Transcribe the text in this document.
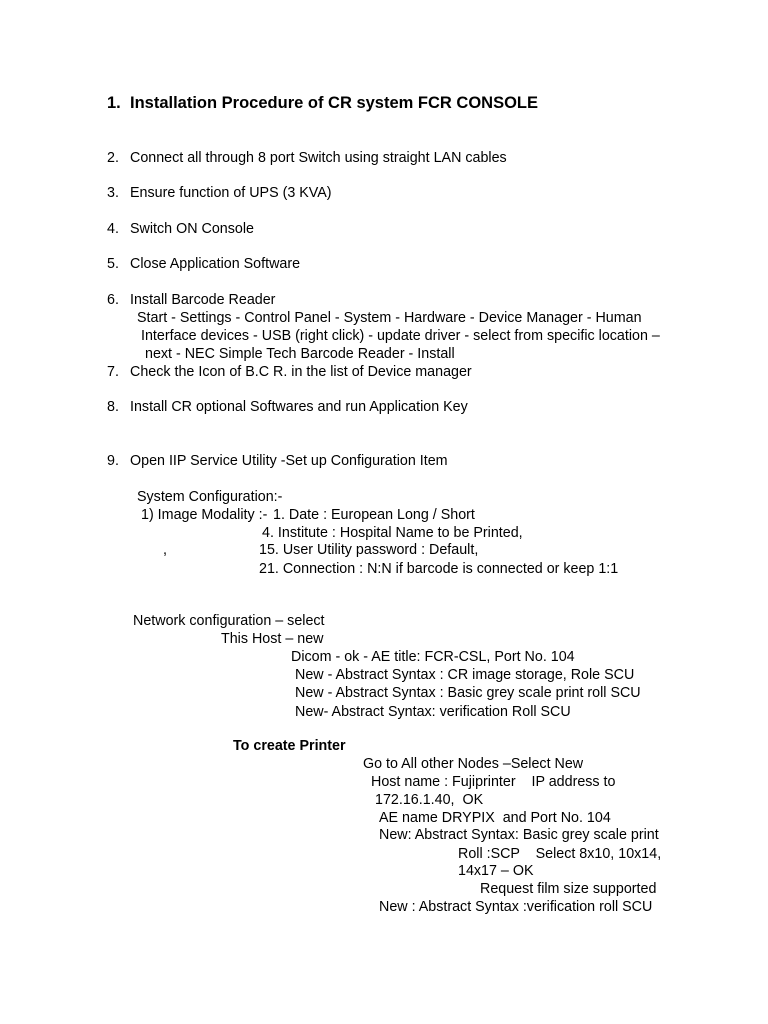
1. Installation Procedure of CR system FCR CONSOLE
2. Connect all through 8 port Switch using straight LAN cables
3. Ensure function of UPS (3 KVA)
4. Switch ON Console
5. Close Application Software
6. Install Barcode Reader
Start - Settings - Control Panel - System - Hardware - Device Manager - Human
Interface devices - USB (right click) - update driver - select from specific location –
next - NEC Simple Tech Barcode Reader - Install
7. Check the Icon of B.C R. in the list of Device manager
8. Install CR optional Softwares and run Application Key
9. Open IIP Service Utility -Set up Configuration Item
System Configuration:-
1) Image Modality :- 1. Date : European Long / Short
4. Institute : Hospital Name to be Printed,
,	15. User Utility password : Default,
21. Connection : N:N if barcode is connected or keep 1:1
Network configuration – select
This Host – new
Dicom - ok - AE title: FCR-CSL, Port No. 104
New - Abstract Syntax : CR image storage, Role SCU
New - Abstract Syntax : Basic grey scale print roll SCU
New- Abstract Syntax: verification Roll SCU
To create Printer
Go to All other Nodes –Select New
Host name : Fujiprinter    IP address to
172.16.1.40,  OK
AE name DRYPIX  and Port No. 104
New: Abstract Syntax: Basic grey scale print
Roll :SCP    Select 8x10, 10x14,
14x17 – OK
Request film size supported
New : Abstract Syntax :verification roll SCU
